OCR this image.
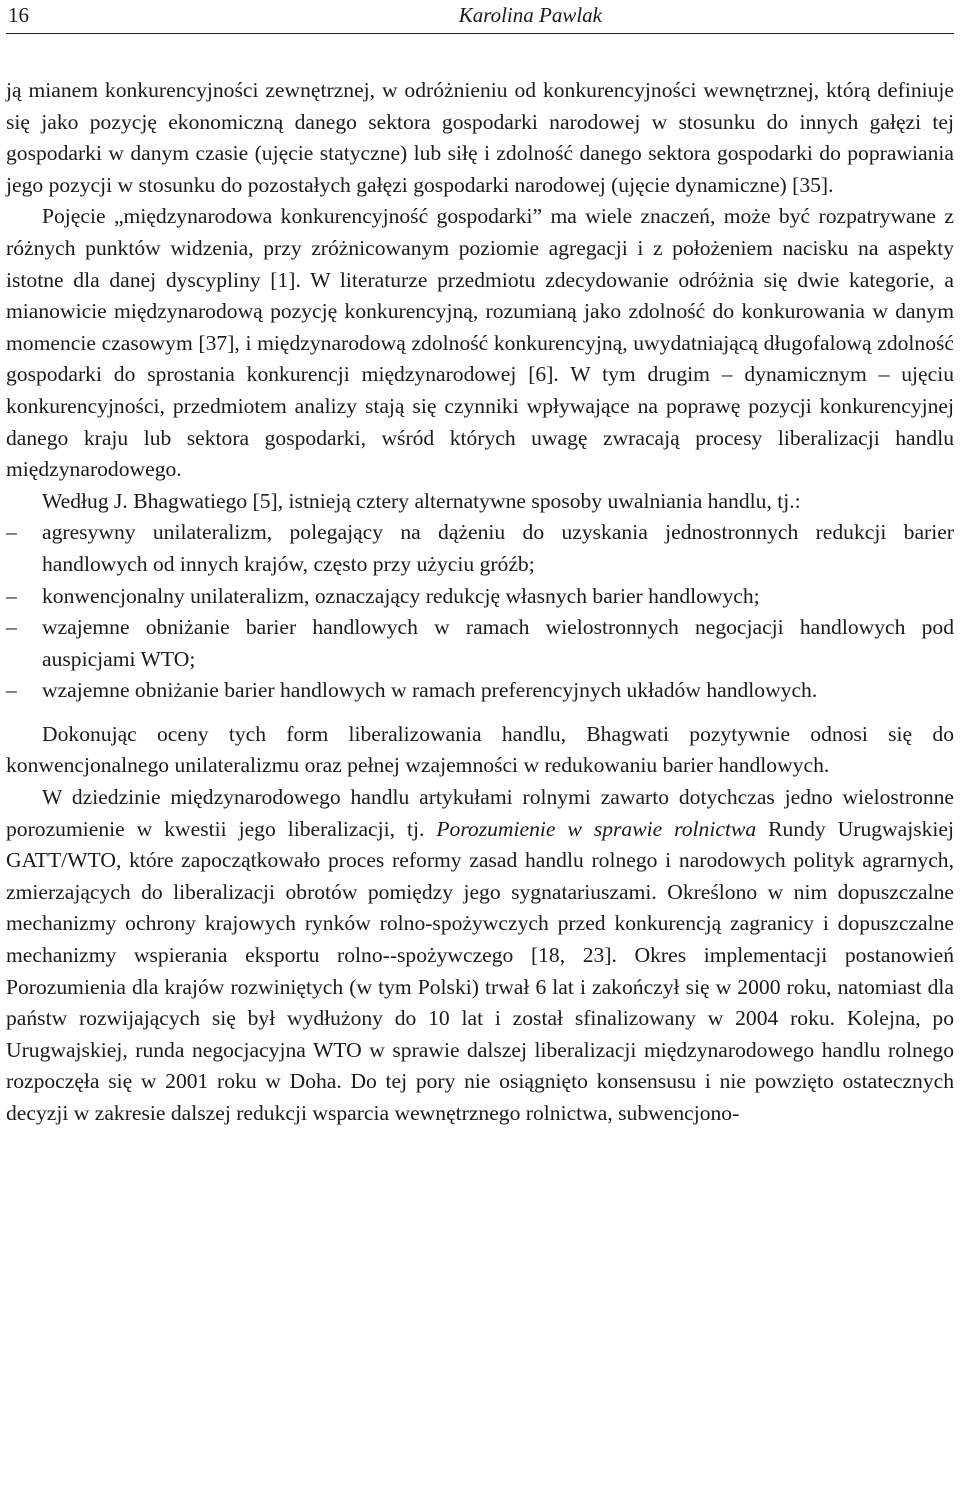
16	Karolina Pawlak

ją mianem konkurencyjności zewnętrznej, w odróżnieniu od konkurencyjności wewnętrznej, którą definiuje się jako pozycję ekonomiczną danego sektora gospodarki narodowej w stosunku do innych gałęzi tej gospodarki w danym czasie (ujęcie statyczne) lub siłę i zdolność danego sektora gospodarki do poprawiania jego pozycji w stosunku do pozostałych gałęzi gospodarki narodowej (ujęcie dynamiczne) [35].

Pojęcie „międzynarodowa konkurencyjność gospodarki” ma wiele znaczeń, może być rozpatrywane z różnych punktów widzenia, przy zróżnicowanym poziomie agregacji i z położeniem nacisku na aspekty istotne dla danej dyscypliny [1]. W literaturze przedmiotu zdecydowanie odróżnia się dwie kategorie, a mianowicie międzynarodową pozycję konkurencyjną, rozumianą jako zdolność do konkurowania w danym momencie czasowym [37], i międzynarodową zdolność konkurencyjną, uwydatniającą długofalową zdolność gospodarki do sprostania konkurencji międzynarodowej [6]. W tym drugim – dynamicznym – ujęciu konkurencyjności, przedmiotem analizy stają się czynniki wpływające na poprawę pozycji konkurencyjnej danego kraju lub sektora gospodarki, wśród których uwagę zwracają procesy liberalizacji handlu międzynarodowego.

Według J. Bhagwatiego [5], istnieją cztery alternatywne sposoby uwalniania handlu, tj.:

– agresywny unilateralizm, polegający na dążeniu do uzyskania jednostronnych redukcji barier handlowych od innych krajów, często przy użyciu gróźb;
– konwencjonalny unilateralizm, oznaczający redukcję własnych barier handlowych;
– wzajemne obniżanie barier handlowych w ramach wielostronnych negocjacji handlowych pod auspicjami WTO;
– wzajemne obniżanie barier handlowych w ramach preferencyjnych układów handlowych.

Dokonując oceny tych form liberalizowania handlu, Bhagwati pozytywnie odnosi się do konwencjonalnego unilateralizmu oraz pełnej wzajemności w redukowaniu barier handlowych.

W dziedzinie międzynarodowego handlu artykułami rolnymi zawarto dotychczas jedno wielostronne porozumienie w kwestii jego liberalizacji, tj. Porozumienie w sprawie rolnictwa Rundy Urugwajskiej GATT/WTO, które zapoczątkowało proces reformy zasad handlu rolnego i narodowych polityk agrarnych, zmierzających do liberalizacji obrotów pomiędzy jego sygnatariuszami. Określono w nim dopuszczalne mechanizmy ochrony krajowych rynków rolno-spożywczych przed konkurencją zagranicy i dopuszczalne mechanizmy wspierania eksportu rolno--spożywczego [18, 23]. Okres implementacji postanowień Porozumienia dla krajów rozwiniętych (w tym Polski) trwał 6 lat i zakończył się w 2000 roku, natomiast dla państw rozwijających się był wydłużony do 10 lat i został sfinalizowany w 2004 roku. Kolejna, po Urugwajskiej, runda negocjacyjna WTO w sprawie dalszej liberalizacji międzynarodowego handlu rolnego rozpoczęła się w 2001 roku w Doha. Do tej pory nie osiągnięto konsensusu i nie powzięto ostatecznych decyzji w zakresie dalszej redukcji wsparcia wewnętrznego rolnictwa, subwencjono-
